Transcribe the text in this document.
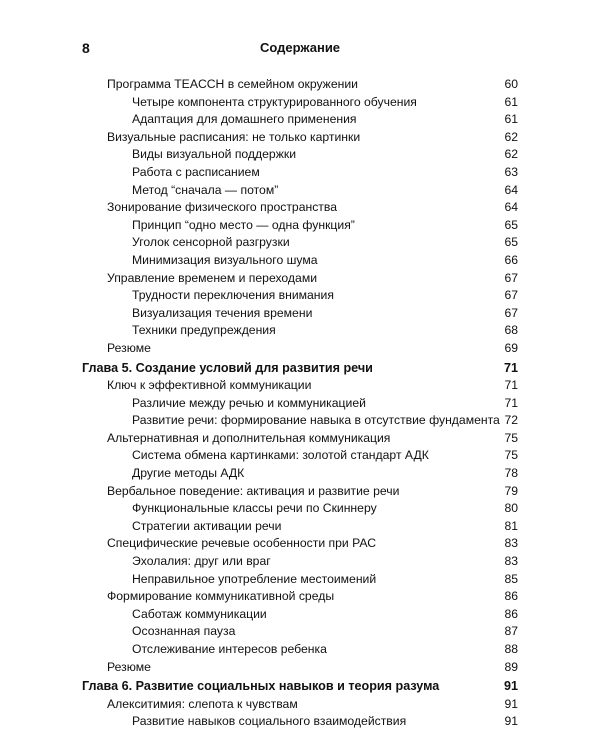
8	Содержание
Программа TEACCH в семейном окружении	60
Четыре компонента структурированного обучения	61
Адаптация для домашнего применения	61
Визуальные расписания: не только картинки	62
Виды визуальной поддержки	62
Работа с расписанием	63
Метод “сначала — потом”	64
Зонирование физического пространства	64
Принцип “одно место — одна функция”	65
Уголок сенсорной разгрузки	65
Минимизация визуального шума	66
Управление временем и переходами	67
Трудности переключения внимания	67
Визуализация течения времени	67
Техники предупреждения	68
Резюме	69
Глава 5. Создание условий для развития речи	71
Ключ к эффективной коммуникации	71
Различие между речью и коммуникацией	71
Развитие речи: формирование навыка в отсутствие фундамента 72
Альтернативная и дополнительная коммуникация	75
Система обмена картинками: золотой стандарт АДК	75
Другие методы АДК	78
Вербальное поведение: активация и развитие речи	79
Функциональные классы речи по Скиннеру	80
Стратегии активации речи	81
Специфические речевые особенности при РАС	83
Эхолалия: друг или враг	83
Неправильное употребление местоимений	85
Формирование коммуникативной среды	86
Саботаж коммуникации	86
Осознанная пауза	87
Отслеживание интересов ребенка	88
Резюме	89
Глава 6. Развитие социальных навыков и теория разума	91
Алекситимия: слепота к чувствам	91
Развитие навыков социального взаимодействия	91
